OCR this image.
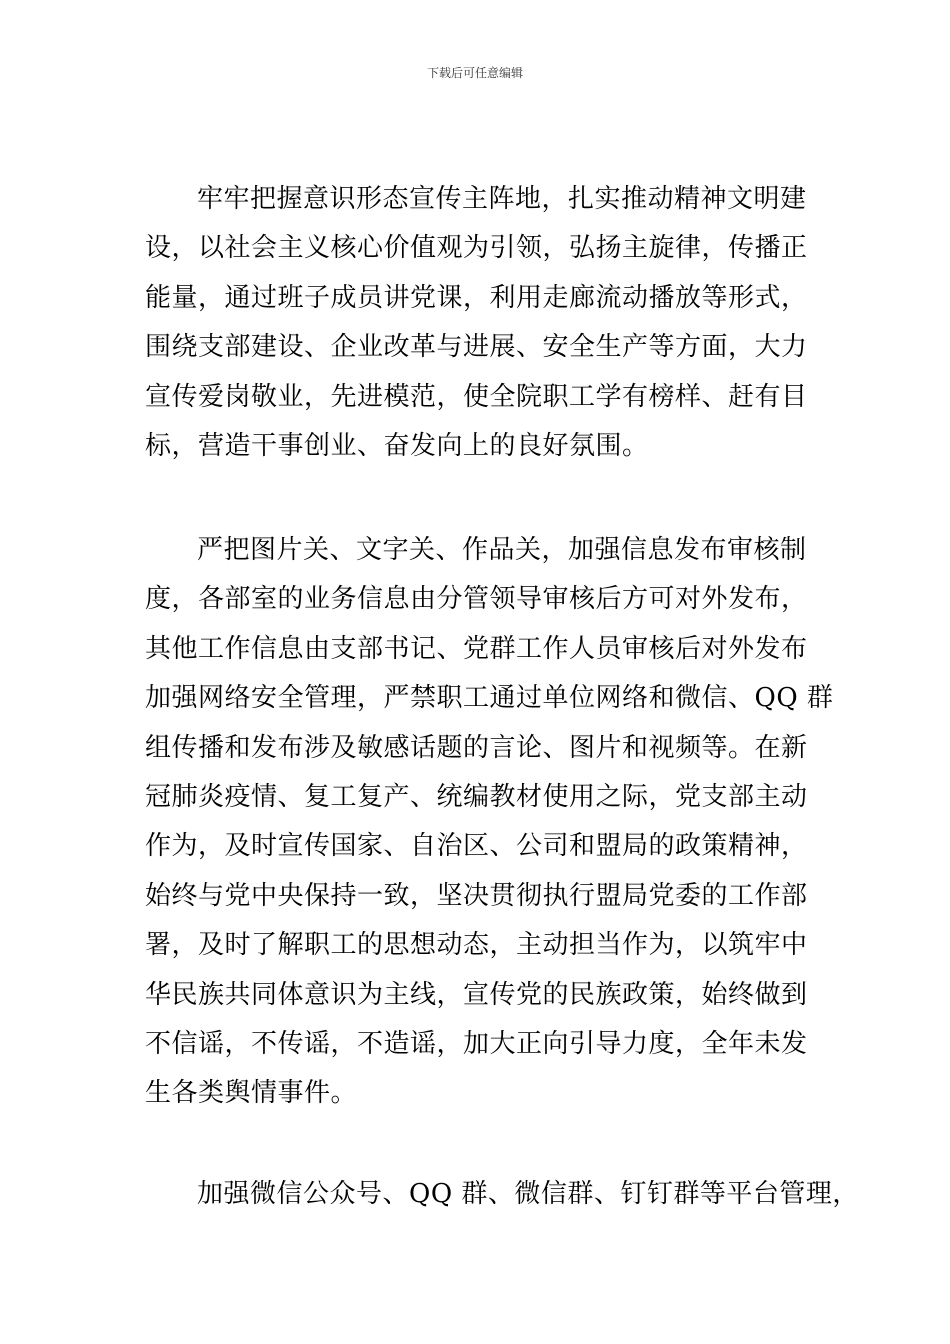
下载后可任意编辑
牢牢把握意识形态宣传主阵地，扎实推动精神文明建
设，以社会主义核心价值观为引领，弘扬主旋律，传播正
能量，通过班子成员讲党课，利用走廊流动播放等形式，
围绕支部建设、企业改革与进展、安全生产等方面，大力
宣传爱岗敬业，先进模范，使全院职工学有榜样、赶有目
标，营造干事创业、奋发向上的良好氛围。
严把图片关、文字关、作品关，加强信息发布审核制
度，各部室的业务信息由分管领导审核后方可对外发布，
其他工作信息由支部书记、党群工作人员审核后对外发布
加强网络安全管理，严禁职工通过单位网络和微信、QQ 群
组传播和发布涉及敏感话题的言论、图片和视频等。在新
冠肺炎疫情、复工复产、统编教材使用之际，党支部主动
作为，及时宣传国家、自治区、公司和盟局的政策精神，
始终与党中央保持一致，坚决贯彻执行盟局党委的工作部
署，及时了解职工的思想动态，主动担当作为，以筑牢中
华民族共同体意识为主线，宣传党的民族政策，始终做到
不信谣，不传谣，不造谣，加大正向引导力度，全年未发
生各类舆情事件。
加强微信公众号、QQ 群、微信群、钉钉群等平台管理，
